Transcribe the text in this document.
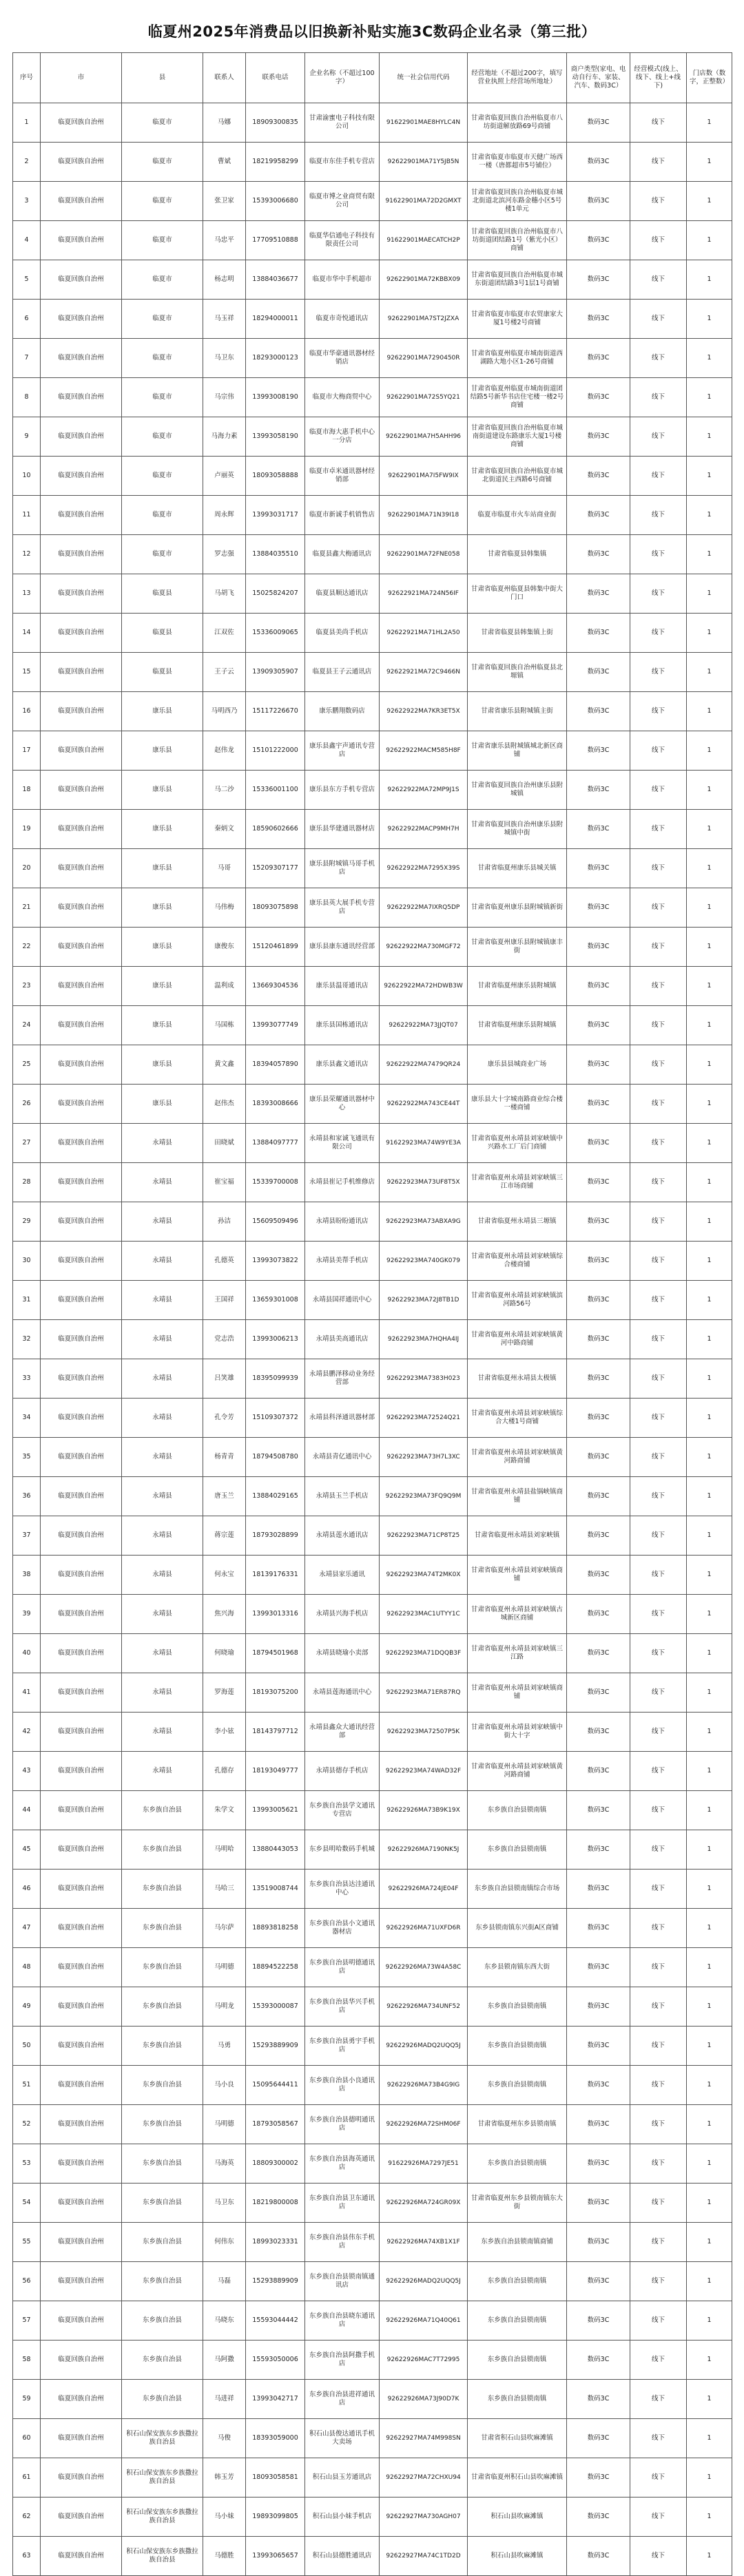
临夏州2025年消费品以旧换新补贴实施3C数码企业名录（第三批）
序号	市	县	联系人	联系电话	企业名称（不超过100字）	统一社会信用代码	经营地址（不超过200字，填写营业执照上经营场所地址）	商户类型(家电、电动自行车、家装、汽车、数码3C）	经营模式(线上、线下、线上+线下)	门店数（数字，正整数）
1	临夏回族自治州	临夏市	马娜	18909300835	甘肃渝蜜电子科技有限公司	91622901MAE8HYLC4N	甘肃省临夏回族自治州临夏市八坊街道解放路69号商铺	数码3C	线下	1
2	临夏回族自治州	临夏市	曹斌	18219958299	临夏市东佳手机专营店	92622901MA71Y5JB5N	甘肃省临夏市临夏市天健广场西一楼（唐都超市5号铺位）	数码3C	线下	1
3	临夏回族自治州	临夏市	张卫家	15393006680	临夏市博之业商贸有限公司	91622901MA72D2GMXT	甘肃省临夏回族自治州临夏市城北街道北滨河东路金穗小区5号楼1单元	数码3C	线下	1
4	临夏回族自治州	临夏市	马忠平	17709510888	临夏华信通电子科技有限责任公司	91622901MAECATCH2P	甘肃省临夏回族自治州临夏市八坊街道团结路1号（紫光小区）商铺	数码3C	线下	1
5	临夏回族自治州	临夏市	杨志明	13884036677	临夏市华中手机超市	92622901MA72KBBX09	甘肃省临夏回族自治州临夏市城东街道团结路3号1层1号商铺	数码3C	线下	1
6	临夏回族自治州	临夏市	马玉祥	18294000011	临夏市奇悦通讯店	92622901MA7ST2JZXA	甘肃省临夏市临夏市农贸康家大厦1号楼2号商铺	数码3C	线下	1
7	临夏回族自治州	临夏市	马卫东	18293000123	临夏市华豪通讯器材经销店	92622901MA7290450R	甘肃省临夏州临夏市城南街道西湖路大地小区1-26号商铺	数码3C	线下	1
8	临夏回族自治州	临夏市	马宗伟	13993008190	临夏市大梅商贸中心	92622901MA72S5YQ21	甘肃省临夏州临夏市城南街道团结路5号新华书店住宅楼一楼2号商铺	数码3C	线下	1
9	临夏回族自治州	临夏市	马海力素	13993058190	临夏市海大惠手机中心一分店	92622901MA7H5AHH96	甘肃省临夏回族自治州临夏市城南街道建设东路康乐大厦1号楼商铺	数码3C	线下	1
10	临夏回族自治州	临夏市	卢丽英	18093058888	临夏市卓米通讯器材经销部	92622901MA7I5FW9IX	甘肃省临夏回族自治州临夏市城北街道民主西路6号商铺	数码3C	线下	1
11	临夏回族自治州	临夏市	周永辉	13993031717	临夏市新诚手机销售店	92622901MA71N39I18	临夏市临夏市火车站商业街	数码3C	线下	1
12	临夏回族自治州	临夏市	罗志强	13884035510	临夏县鑫大梅通讯店	92622901MA72FNE058	甘肃省临夏县韩集镇	数码3C	线下	1
13	临夏回族自治州	临夏县	马胡飞	15025824207	临夏县顺达通讯店	92622921MA724N56IF	甘肃省临夏州临夏县韩集中街大门口	数码3C	线下	1
14	临夏回族自治州	临夏县	江双佐	15336009065	临夏县美尚手机店	92622921MA71HL2A50	甘肃省临夏县韩集镇上街	数码3C	线下	1
15	临夏回族自治州	临夏县	王子云	13909305907	临夏县王子云通讯店	92622921MA72C9466N	甘肃省临夏回族自治州临夏县北塬镇	数码3C	线下	1
16	临夏回族自治州	康乐县	马明西乃	15117226670	康乐鹏翔数码店	92622922MA7KR3ET5X	甘肃省康乐县附城镇主街	数码3C	线下	1
17	临夏回族自治州	康乐县	赵伟龙	15101222000	康乐县鑫宇声通讯专营店	92622922MACM585H8F	甘肃省康乐县附城镇城北新区商铺	数码3C	线下	1
18	临夏回族自治州	康乐县	马二沙	15336001100	康乐县东方手机专营店	92622922MA72MP9J1S	甘肃省临夏回族自治州康乐县附城镇	数码3C	线下	1
19	临夏回族自治州	康乐县	秦炳文	18590602666	康乐县华建通讯器材店	92622922MACP9MH7H	甘肃省临夏回族自治州康乐县附城镇中街	数码3C	线下	1
20	临夏回族自治州	康乐县	马哥	15209307177	康乐县附城镇马哥手机店	92622922MA7295X39S	甘肃省临夏州康乐县城关镇	数码3C	线下	1
21	临夏回族自治州	康乐县	马伟梅	18093075898	康乐县英大展手机专营店	92622922MA7IXRQ5DP	甘肃省临夏州康乐县附城镇新街	数码3C	线下	1
22	临夏回族自治州	康乐县	康俊东	15120461899	康乐县康东通讯经营部	92622922MA730MGF72	甘肃省临夏州康乐县附城镇康丰街	数码3C	线下	1
23	临夏回族自治州	康乐县	温利成	13669304536	康乐县温哥通讯店	92622922MA72HDWB3W	甘肃省临夏州康乐县附城镇	数码3C	线下	1
24	临夏回族自治州	康乐县	马国栋	13993077749	康乐县国栋通讯店	92622922MA73JJQT07	甘肃省临夏州康乐县附城镇	数码3C	线下	1
25	临夏回族自治州	康乐县	黄文鑫	18394057890	康乐县鑫文通讯店	92622922MA7479QR24	康乐县县城商业广场	数码3C	线下	1
26	临夏回族自治州	康乐县	赵伟杰	18393008666	康乐县荣耀通讯器材中心	92622922MA743CE44T	康乐县大十字城南路商业综合楼一楼商铺	数码3C	线下	1
27	临夏回族自治州	永靖县	田晓斌	13884097777	永靖县和家诚飞通讯有限公司	91622923MA74W9YE3A	甘肃省临夏州永靖县刘家峡镇中兴路水工厂后门商铺	数码3C	线下	1
28	临夏回族自治州	永靖县	崔宝福	15339700008	永靖县崔记手机维修店	92622923MA73UF8T5X	甘肃省临夏州永靖县刘家峡镇三江市场商铺	数码3C	线下	1
29	临夏回族自治州	永靖县	孙洁	15609509496	永靖县盼盼通讯店	92622923MA73ABXA9G	甘肃省临夏州永靖县三塬镇	数码3C	线下	1
30	临夏回族自治州	永靖县	孔德英	13993073822	永靖县美帮手机店	92622923MA740GK079	甘肃省临夏州永靖县刘家峡镇综合楼商铺	数码3C	线下	1
31	临夏回族自治州	永靖县	王国祥	13659301008	永靖县国祥通讯中心	92622923MA72J8TB1D	甘肃省临夏州永靖县刘家峡镇滨河路56号	数码3C	线下	1
32	临夏回族自治州	永靖县	党志浩	13993006213	永靖县美高通讯店	92622923MA7HQHA4IJ	甘肃省临夏州永靖县刘家峡镇黄河中路商铺	数码3C	线下	1
33	临夏回族自治州	永靖县	吕笑雄	18395099939	永靖县鹏泽移动业务经营部	92622923MA7383H023	甘肃省临夏州永靖县太极镇	数码3C	线下	1
34	临夏回族自治州	永靖县	孔令芳	15109307372	永靖县科泽通讯器材部	92622923MA72524Q21	甘肃省临夏州永靖县刘家峡镇综合大楼1号商铺	数码3C	线下	1
35	临夏回族自治州	永靖县	杨青青	18794508780	永靖县青亿通讯中心	92622923MA73H7L3XC	甘肃省临夏州永靖县刘家峡镇黄河路商铺	数码3C	线下	1
36	临夏回族自治州	永靖县	唐玉兰	13884029165	永靖县玉兰手机店	92622923MA73FQ9Q9M	甘肃省临夏州永靖县盐锅峡镇商铺	数码3C	线下	1
37	临夏回族自治州	永靖县	蒋宗莲	18793028899	永靖县莲水通讯店	92622923MA71CP8T25	甘肃省临夏州永靖县刘家峡镇	数码3C	线下	1
38	临夏回族自治州	永靖县	何永宝	18139176331	永靖县家乐通讯	92622923MA74T2MK0X	甘肃省临夏州永靖县刘家峡镇商铺	数码3C	线下	1
39	临夏回族自治州	永靖县	焦兴海	13993013316	永靖县兴海手机店	92622923MAC1UTYY1C	甘肃省临夏州永靖县刘家峡镇古城新区商铺	数码3C	线下	1
40	临夏回族自治州	永靖县	何晓瑜	18794501968	永靖县晓瑜小卖部	92622923MA71DQQB3F	甘肃省临夏州永靖县刘家峡镇三江路	数码3C	线下	1
41	临夏回族自治州	永靖县	罗海莲	18193075200	永靖县莲海通讯中心	92622923MA71ER87RQ	甘肃省临夏州永靖县刘家峡镇商铺	数码3C	线下	1
42	临夏回族自治州	永靖县	李小铉	18143797712	永靖县鑫众大通讯经营部	92622923MA72507P5K	甘肃省临夏州永靖县刘家峡镇中街大十字	数码3C	线下	1
43	临夏回族自治州	永靖县	孔德存	18193049777	永靖县德存手机店	92622923MA74WAD32F	甘肃省临夏州永靖县刘家峡镇黄河路商铺	数码3C	线下	1
44	临夏回族自治州	东乡族自治县	朱学文	13993005621	东乡族自治县学文通讯专营店	92622926MA73B9K19X	东乡族自治县锁南镇	数码3C	线下	1
45	临夏回族自治州	东乡族自治县	马明哈	13880443053	东乡县明哈数码手机城	92622926MA7190NK5J	东乡族自治县锁南镇	数码3C	线下	1
46	临夏回族自治州	东乡族自治县	马哈三	13519008744	东乡族自治县达洼通讯中心	92622926MA724JE04F	东乡族自治县锁南镇综合市场	数码3C	线下	1
47	临夏回族自治州	东乡族自治县	马尔萨	18893818258	东乡族自治县小文通讯器材店	92622926MA71UXFD6R	东乡县锁南镇东兴街A区商铺	数码3C	线下	1
48	临夏回族自治州	东乡族自治县	马明德	18894522258	东乡族自治县明德通讯店	92622926MA73W4A58C	东乡县锁南镇东西大街	数码3C	线下	1
49	临夏回族自治州	东乡族自治县	马明龙	15393000087	东乡族自治县华兴手机店	92622926MA734UNF52	东乡族自治县锁南镇	数码3C	线下	1
50	临夏回族自治州	东乡族自治县	马勇	15293889909	东乡族自治县勇宇手机店	92622926MADQ2UQQ5J	东乡族自治县锁南镇	数码3C	线下	1
51	临夏回族自治州	东乡族自治县	马小良	15095644411	东乡族自治县小良通讯店	92622926MA73B4G9IG	东乡族自治县锁南镇	数码3C	线下	1
52	临夏回族自治州	东乡族自治县	马明德	18793058567	东乡族自治县德明通讯店	92622926MA72SHM06F	甘肃省临夏州东乡县锁南镇	数码3C	线下	1
53	临夏回族自治州	东乡族自治县	马海英	18809300002	东乡族自治县海英通讯店	91622926MA7297JE51	东乡族自治县锁南镇	数码3C	线下	1
54	临夏回族自治州	东乡族自治县	马卫东	18219800008	东乡族自治县卫东通讯店	92622926MA724GR09X	甘肃省临夏州东乡县锁南镇东大街	数码3C	线下	1
55	临夏回族自治州	东乡族自治县	何伟东	18993023331	东乡族自治县伟东手机店	92622926MA74XB1X1F	东乡族自治县锁南镇商铺	数码3C	线下	1
56	临夏回族自治州	东乡族自治县	马磊	15293889909	东乡族自治县锁南镇通讯店	92622926MADQ2UQQ5J	东乡族自治县锁南镇	数码3C	线下	1
57	临夏回族自治州	东乡族自治县	马晓东	15593044442	东乡族自治县晓东通讯店	92622926MA71Q40Q61	东乡族自治县锁南镇	数码3C	线下	1
58	临夏回族自治州	东乡族自治县	马阿撒	15593050006	东乡族自治县阿撒手机店	92622926MAC7T72995	东乡族自治县锁南镇	数码3C	线下	1
59	临夏回族自治州	东乡族自治县	马进祥	13993042717	东乡族自治县进祥通讯店	92622926MA73J90D7K	东乡族自治县锁南镇	数码3C	线下	1
60	临夏回族自治州	积石山保安族东乡族撒拉族自治县	马俊	18393059000	积石山县俊达通讯手机大卖场	92622927MA74M998SN	甘肃省积石山县吹麻滩镇	数码3C	线下	1
61	临夏回族自治州	积石山保安族东乡族撒拉族自治县	韩玉芳	18093058581	积石山县玉芳通讯店	92622927MA72CHXU94	甘肃省临夏州积石山县吹麻滩镇	数码3C	线下	1
62	临夏回族自治州	积石山保安族东乡族撒拉族自治县	马小妹	19893099805	积石山县小妹手机店	92622927MA730AGH07	积石山县吹麻滩镇	数码3C	线下	1
63	临夏回族自治州	积石山保安族东乡族撒拉族自治县	马德胜	13993065657	积石山县德胜通讯店	92622927MA74C1TD2D	积石山县吹麻滩镇	数码3C	线下	1
